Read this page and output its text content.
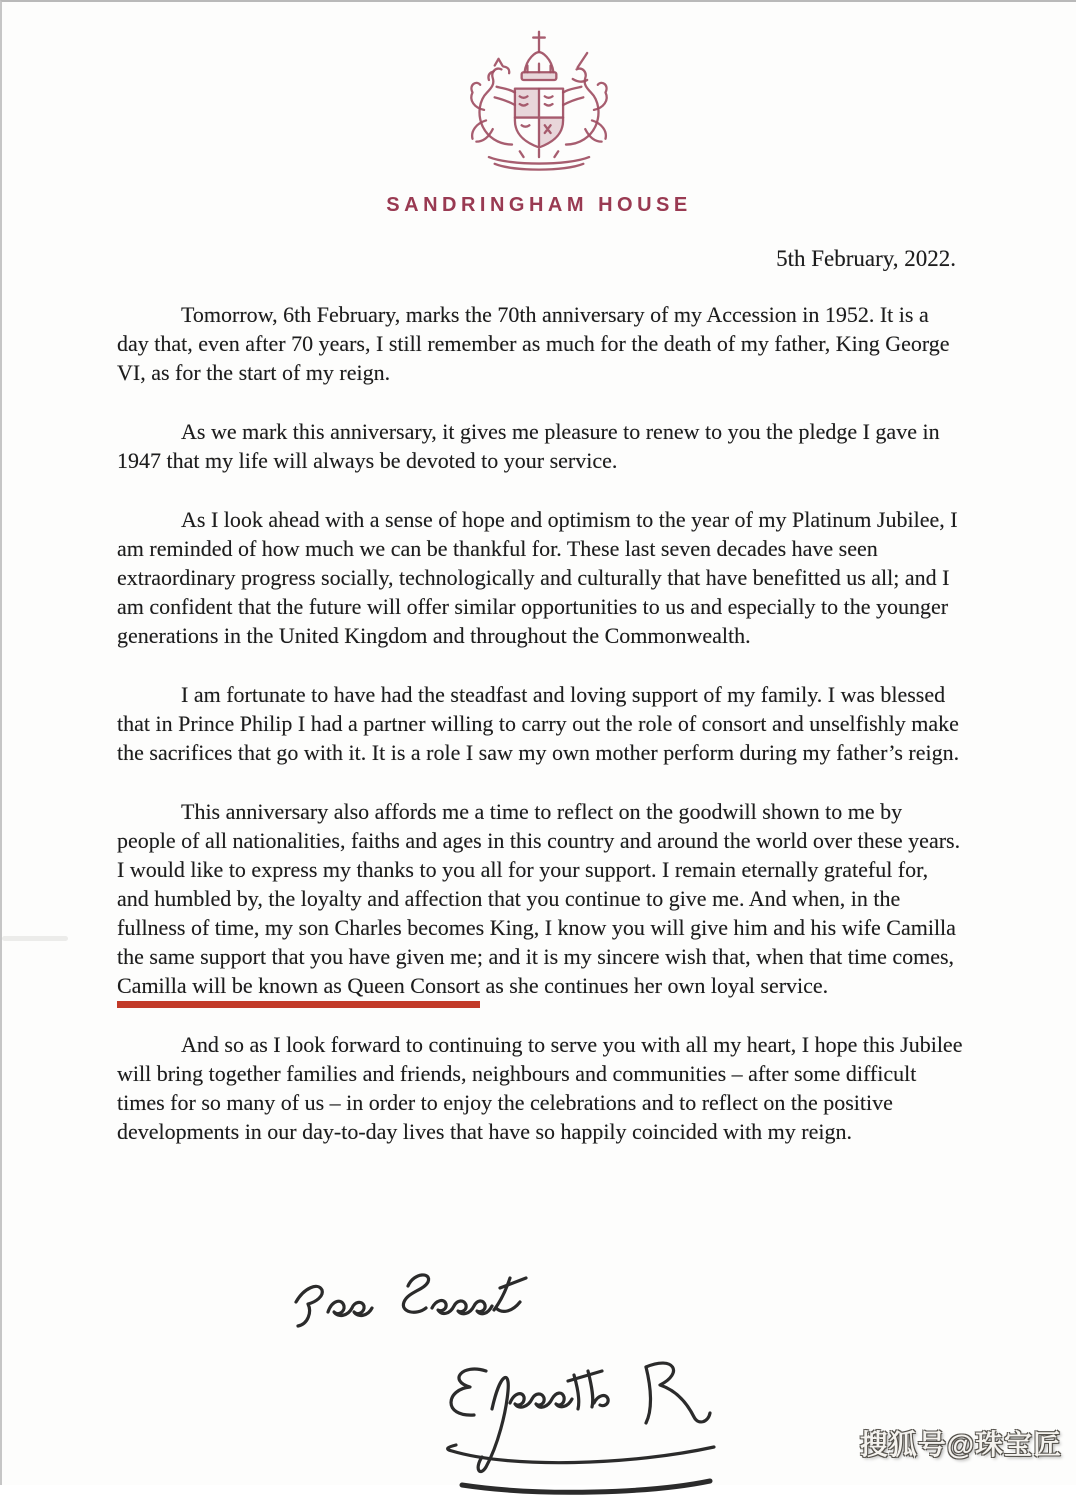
SANDRINGHAM HOUSE
5th February, 2022.

Tomorrow, 6th February, marks the 70th anniversary of my Accession in 1952. It is a day that, even after 70 years, I still remember as much for the death of my father, King George VI, as for the start of my reign.

As we mark this anniversary, it gives me pleasure to renew to you the pledge I gave in 1947 that my life will always be devoted to your service.

As I look ahead with a sense of hope and optimism to the year of my Platinum Jubilee, I am reminded of how much we can be thankful for. These last seven decades have seen extraordinary progress socially, technologically and culturally that have benefitted us all; and I am confident that the future will offer similar opportunities to us and especially to the younger generations in the United Kingdom and throughout the Commonwealth.

I am fortunate to have had the steadfast and loving support of my family. I was blessed that in Prince Philip I had a partner willing to carry out the role of consort and unselfishly make the sacrifices that go with it. It is a role I saw my own mother perform during my father’s reign.

This anniversary also affords me a time to reflect on the goodwill shown to me by people of all nationalities, faiths and ages in this country and around the world over these years. I would like to express my thanks to you all for your support. I remain eternally grateful for, and humbled by, the loyalty and affection that you continue to give me. And when, in the fullness of time, my son Charles becomes King, I know you will give him and his wife Camilla the same support that you have given me; and it is my sincere wish that, when that time comes, Camilla will be known as Queen Consort as she continues her own loyal service.

And so as I look forward to continuing to serve you with all my heart, I hope this Jubilee will bring together families and friends, neighbours and communities – after some difficult times for so many of us – in order to enjoy the celebrations and to reflect on the positive developments in our day-to-day lives that have so happily coincided with my reign.

搜狐号@珠宝匠
